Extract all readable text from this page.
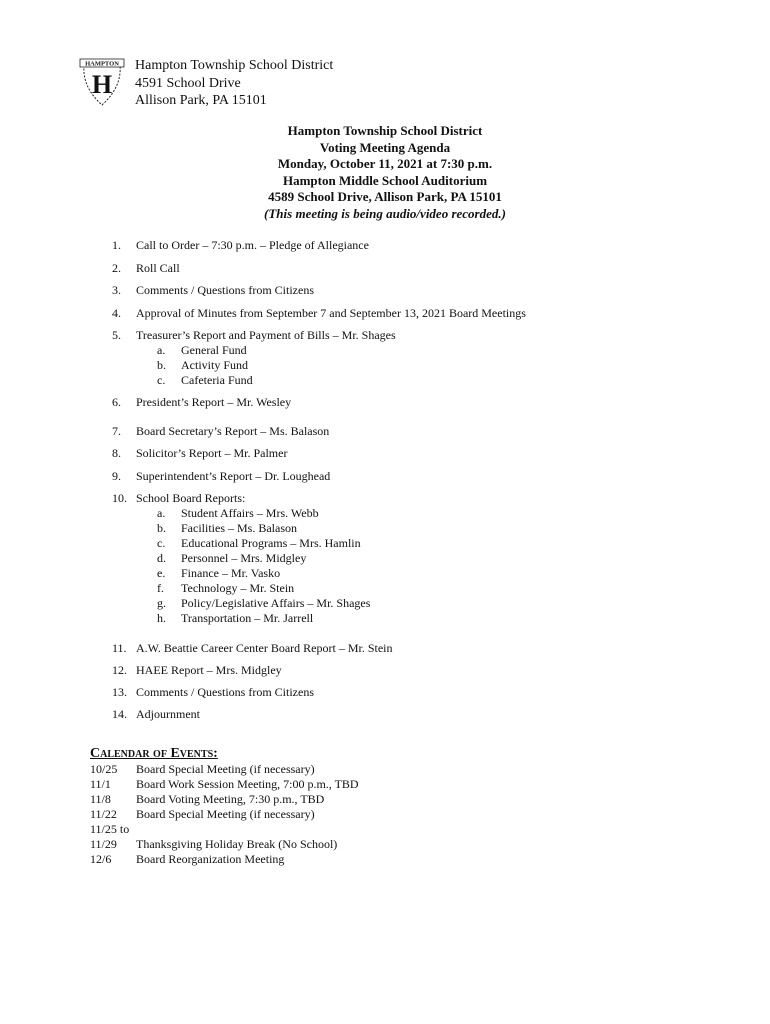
HAMPTON
H
Hampton Township School District
4591 School Drive
Allison Park, PA 15101
Hampton Township School District
Voting Meeting Agenda
Monday, October 11, 2021 at 7:30 p.m.
Hampton Middle School Auditorium
4589 School Drive, Allison Park, PA 15101
(This meeting is being audio/video recorded.)
1. Call to Order – 7:30 p.m. – Pledge of Allegiance
2. Roll Call
3. Comments / Questions from Citizens
4. Approval of Minutes from September 7 and September 13, 2021 Board Meetings
5. Treasurer’s Report and Payment of Bills – Mr. Shages
a. General Fund
b. Activity Fund
c. Cafeteria Fund
6. President’s Report – Mr. Wesley
7. Board Secretary’s Report – Ms. Balason
8. Solicitor’s Report – Mr. Palmer
9. Superintendent’s Report – Dr. Loughead
10. School Board Reports:
a. Student Affairs – Mrs. Webb
b. Facilities – Ms. Balason
c. Educational Programs – Mrs. Hamlin
d. Personnel – Mrs. Midgley
e. Finance – Mr. Vasko
f. Technology – Mr. Stein
g. Policy/Legislative Affairs – Mr. Shages
h. Transportation – Mr. Jarrell
11. A.W. Beattie Career Center Board Report – Mr. Stein
12. HAEE Report – Mrs. Midgley
13. Comments / Questions from Citizens
14. Adjournment
Calendar of Events:
10/25 Board Special Meeting (if necessary)
11/1 Board Work Session Meeting, 7:00 p.m., TBD
11/8 Board Voting Meeting, 7:30 p.m., TBD
11/22 Board Special Meeting (if necessary)
11/25 to
11/29 Thanksgiving Holiday Break (No School)
12/6 Board Reorganization Meeting
